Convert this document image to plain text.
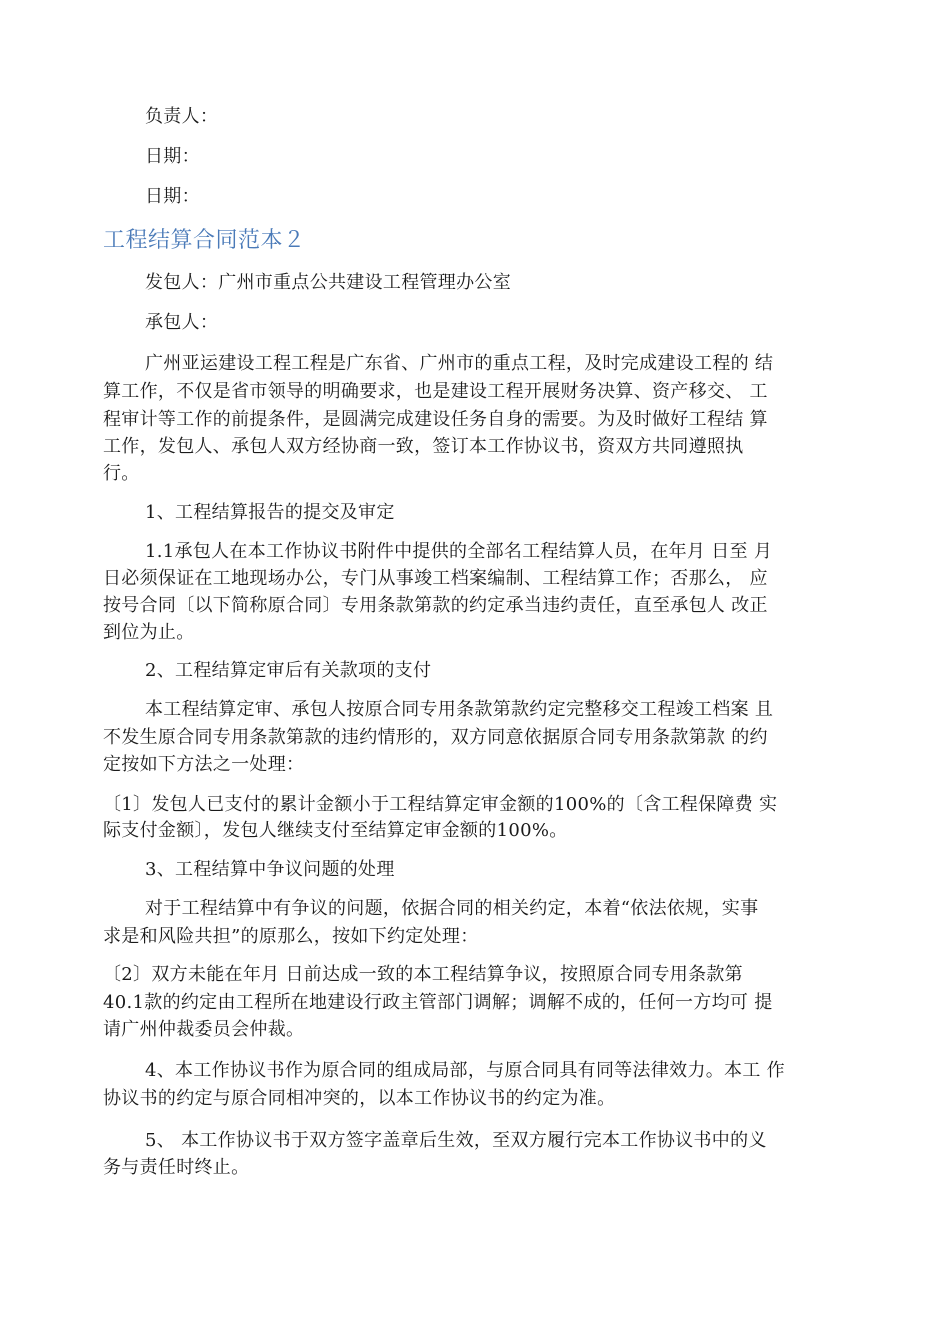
负责人：
日期：
日期：
工程结算合同范本２
发包人：广州市重点公共建设工程管理办公室
承包人：
广州亚运建设工程工程是广东省、广州市的重点工程，及时完成建设工程的 结
算工作，不仅是省市领导的明确要求，也是建设工程开展财务决算、资产移交、 工
程审计等工作的前提条件，是圆满完成建设任务自身的需要。为及时做好工程结 算
工作，发包人、承包人双方经协商一致，签订本工作协议书，资双方共同遵照执
行。
1、工程结算报告的提交及审定
1.1承包人在本工作协议书附件中提供的全部名工程结算人员，在年月 日至 月
日必须保证在工地现场办公，专门从事竣工档案编制、工程结算工作；否那么， 应
按号合同〔以下简称原合同〕专用条款第款的约定承当违约责任，直至承包人 改正
到位为止。
2、工程结算定审后有关款项的支付
本工程结算定审、承包人按原合同专用条款第款约定完整移交工程竣工档案 且
不发生原合同专用条款第款的违约情形的，双方同意依据原合同专用条款第款 的约
定按如下方法之一处理：
〔1〕发包人已支付的累计金额小于工程结算定审金额的100%的〔含工程保障费 实
际支付金额〕，发包人继续支付至结算定审金额的100%。
3、工程结算中争议问题的处理
对于工程结算中有争议的问题，依据合同的相关约定，本着“依法依规，实事
求是和风险共担”的原那么，按如下约定处理：
〔2〕双方未能在年月 日前达成一致的本工程结算争议，按照原合同专用条款第
40.1款的约定由工程所在地建设行政主管部门调解；调解不成的，任何一方均可 提
请广州仲裁委员会仲裁。
4、本工作协议书作为原合同的组成局部，与原合同具有同等法律效力。本工 作
协议书的约定与原合同相冲突的，以本工作协议书的约定为准。
5、 本工作协议书于双方签字盖章后生效，至双方履行完本工作协议书中的义
务与责任时终止。
